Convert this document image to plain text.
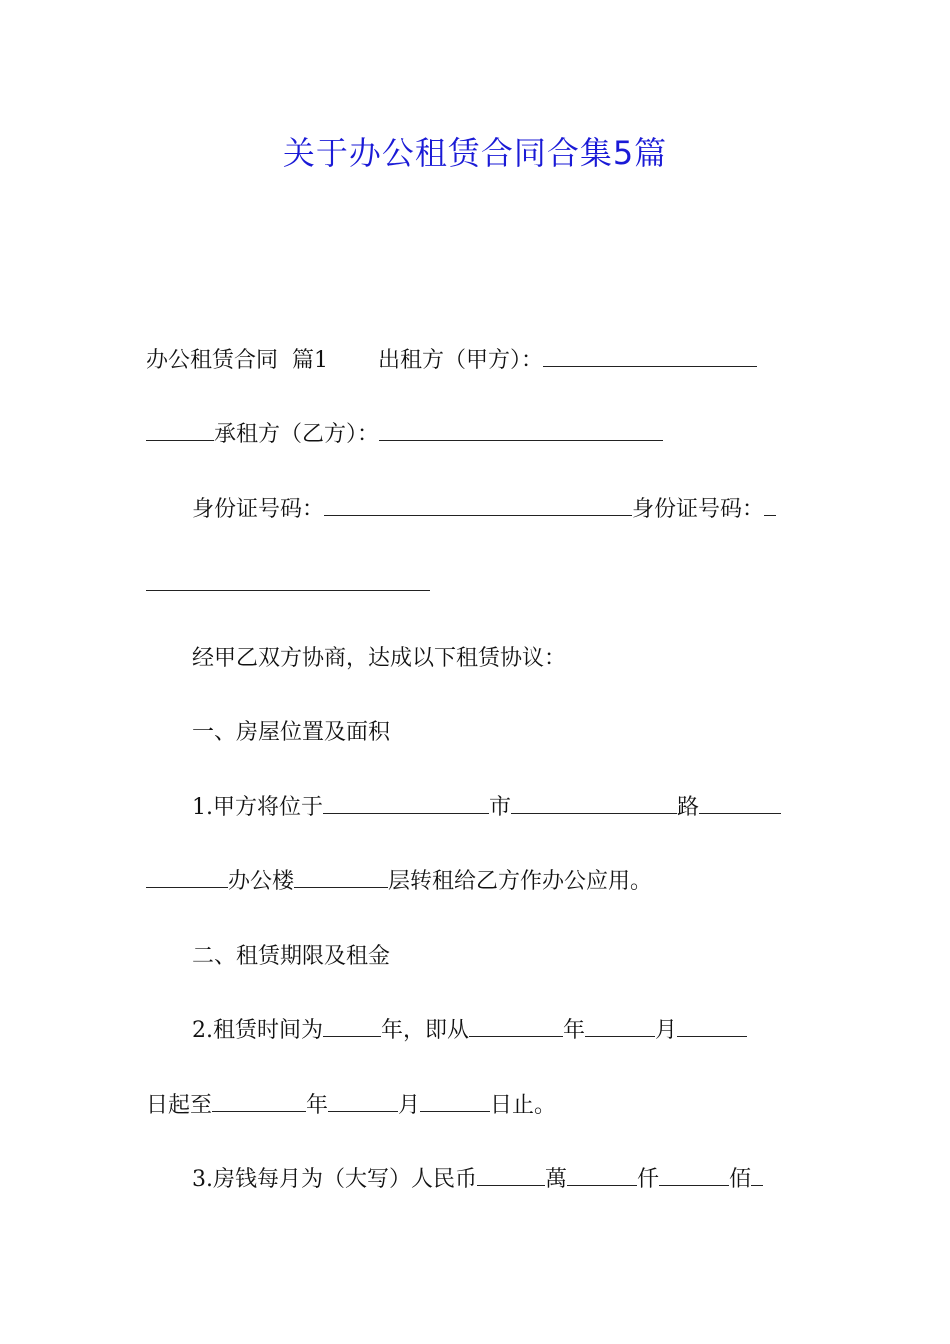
关于办公租赁合同合集5篇
办公租赁合同  篇1 出租方（甲方）：
承租方（乙方）：
身份证号码：	身份证号码：
经甲乙双方协商，达成以下租赁协议：
一、房屋位置及面积
1.甲方将位于	市	路
办公楼	层转租给乙方作办公应用。
二、租赁期限及租金
2.租赁时间为	年，即从	年	月
日起至	年	月	日止。
3.房钱每月为（大写）人民币	萬	仟	佰
